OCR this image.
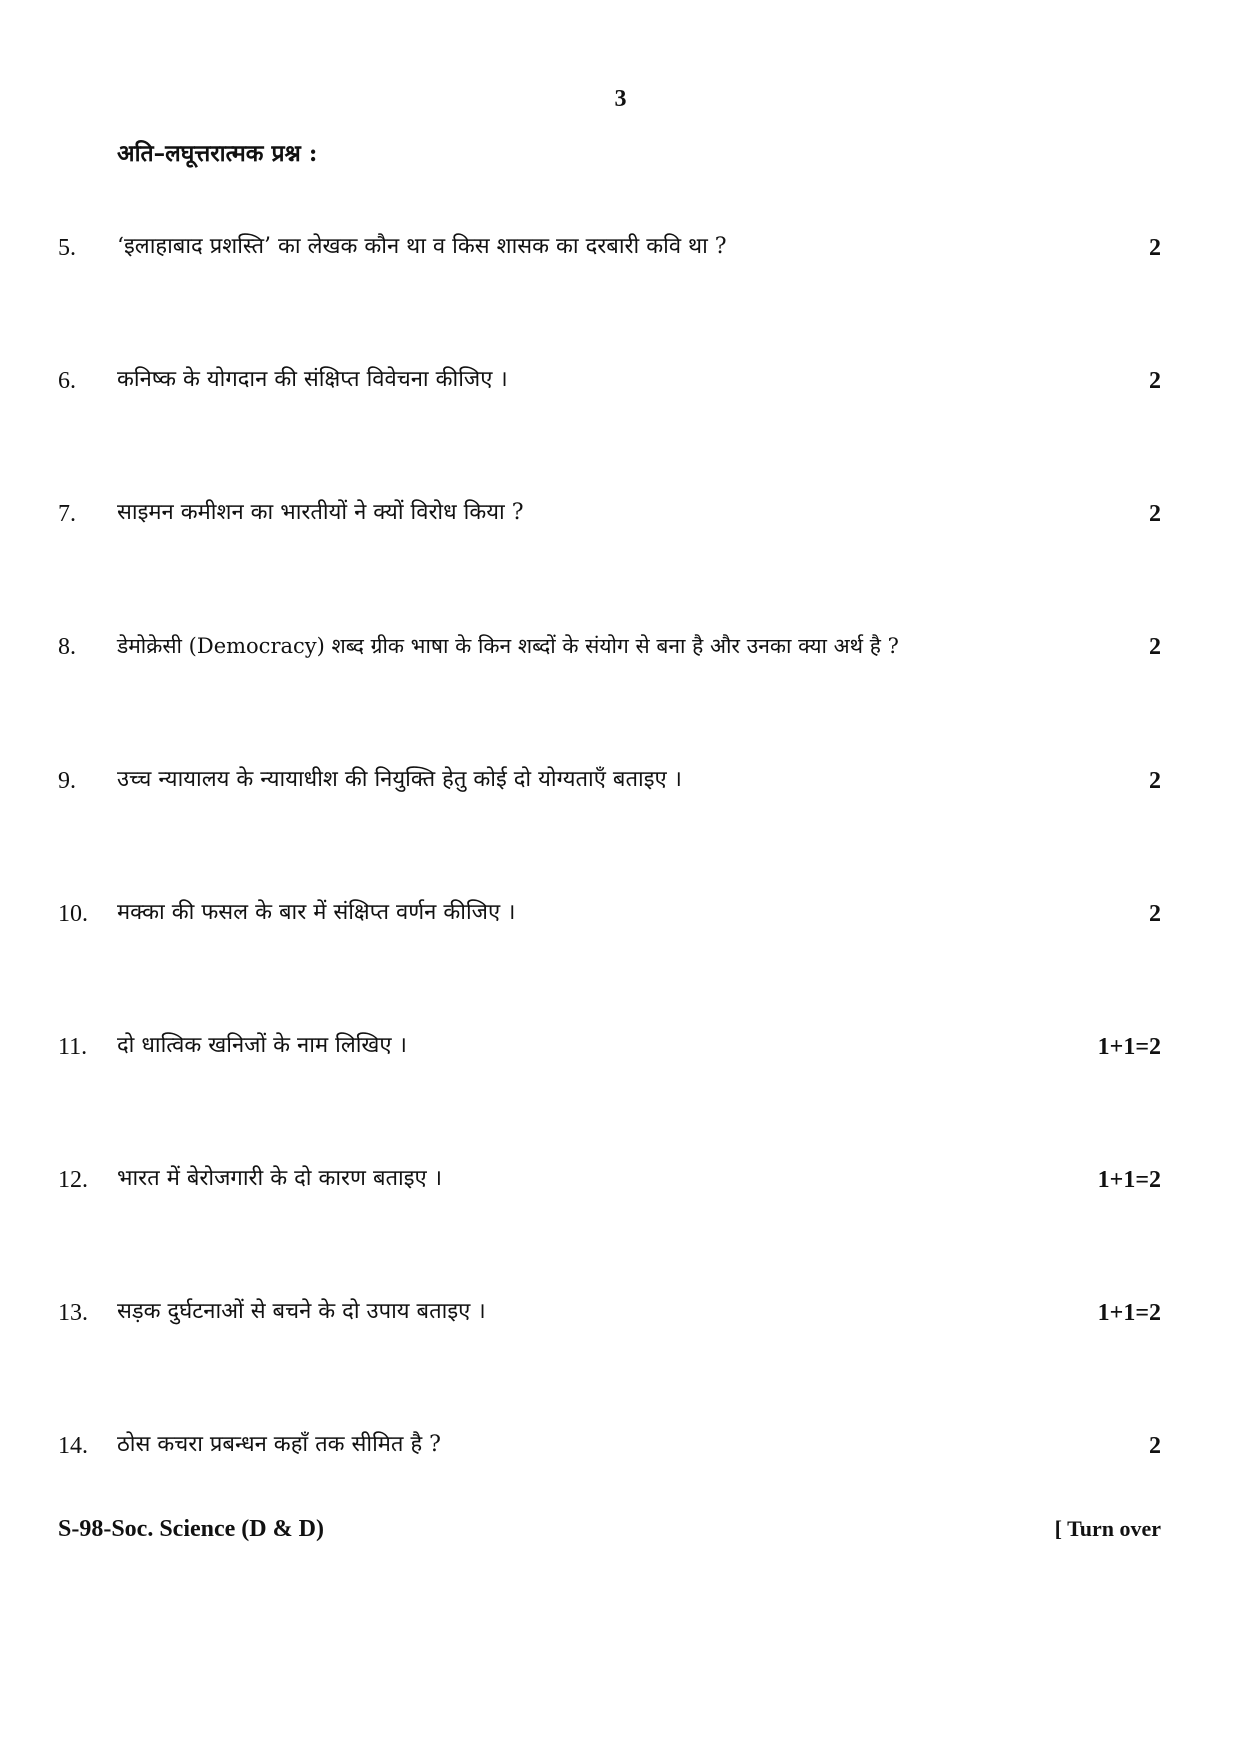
3
अति–लघूत्तरात्मक प्रश्न :
5. ‘इलाहाबाद प्रशस्ति’ का लेखक कौन था व किस शासक का दरबारी कवि था ?	2
6. कनिष्क के योगदान की संक्षिप्त विवेचना कीजिए ।	2
7. साइमन कमीशन का भारतीयों ने क्यों विरोध किया ?	2
8. डेमोक्रेसी (Democracy) शब्द ग्रीक भाषा के किन शब्दों के संयोग से बना है और उनका क्या अर्थ है ?	2
9. उच्च न्यायालय के न्यायाधीश की नियुक्ति हेतु कोई दो योग्यताएँ बताइए ।	2
10. मक्का की फसल के बार में संक्षिप्त वर्णन कीजिए ।	2
11. दो धात्विक खनिजों के नाम लिखिए ।	1+1=2
12. भारत में बेरोजगारी के दो कारण बताइए ।	1+1=2
13. सड़क दुर्घटनाओं से बचने के दो उपाय बताइए ।	1+1=2
14. ठोस कचरा प्रबन्धन कहाँ तक सीमित है ?	2
S-98-Soc. Science (D & D)	[ Turn over
